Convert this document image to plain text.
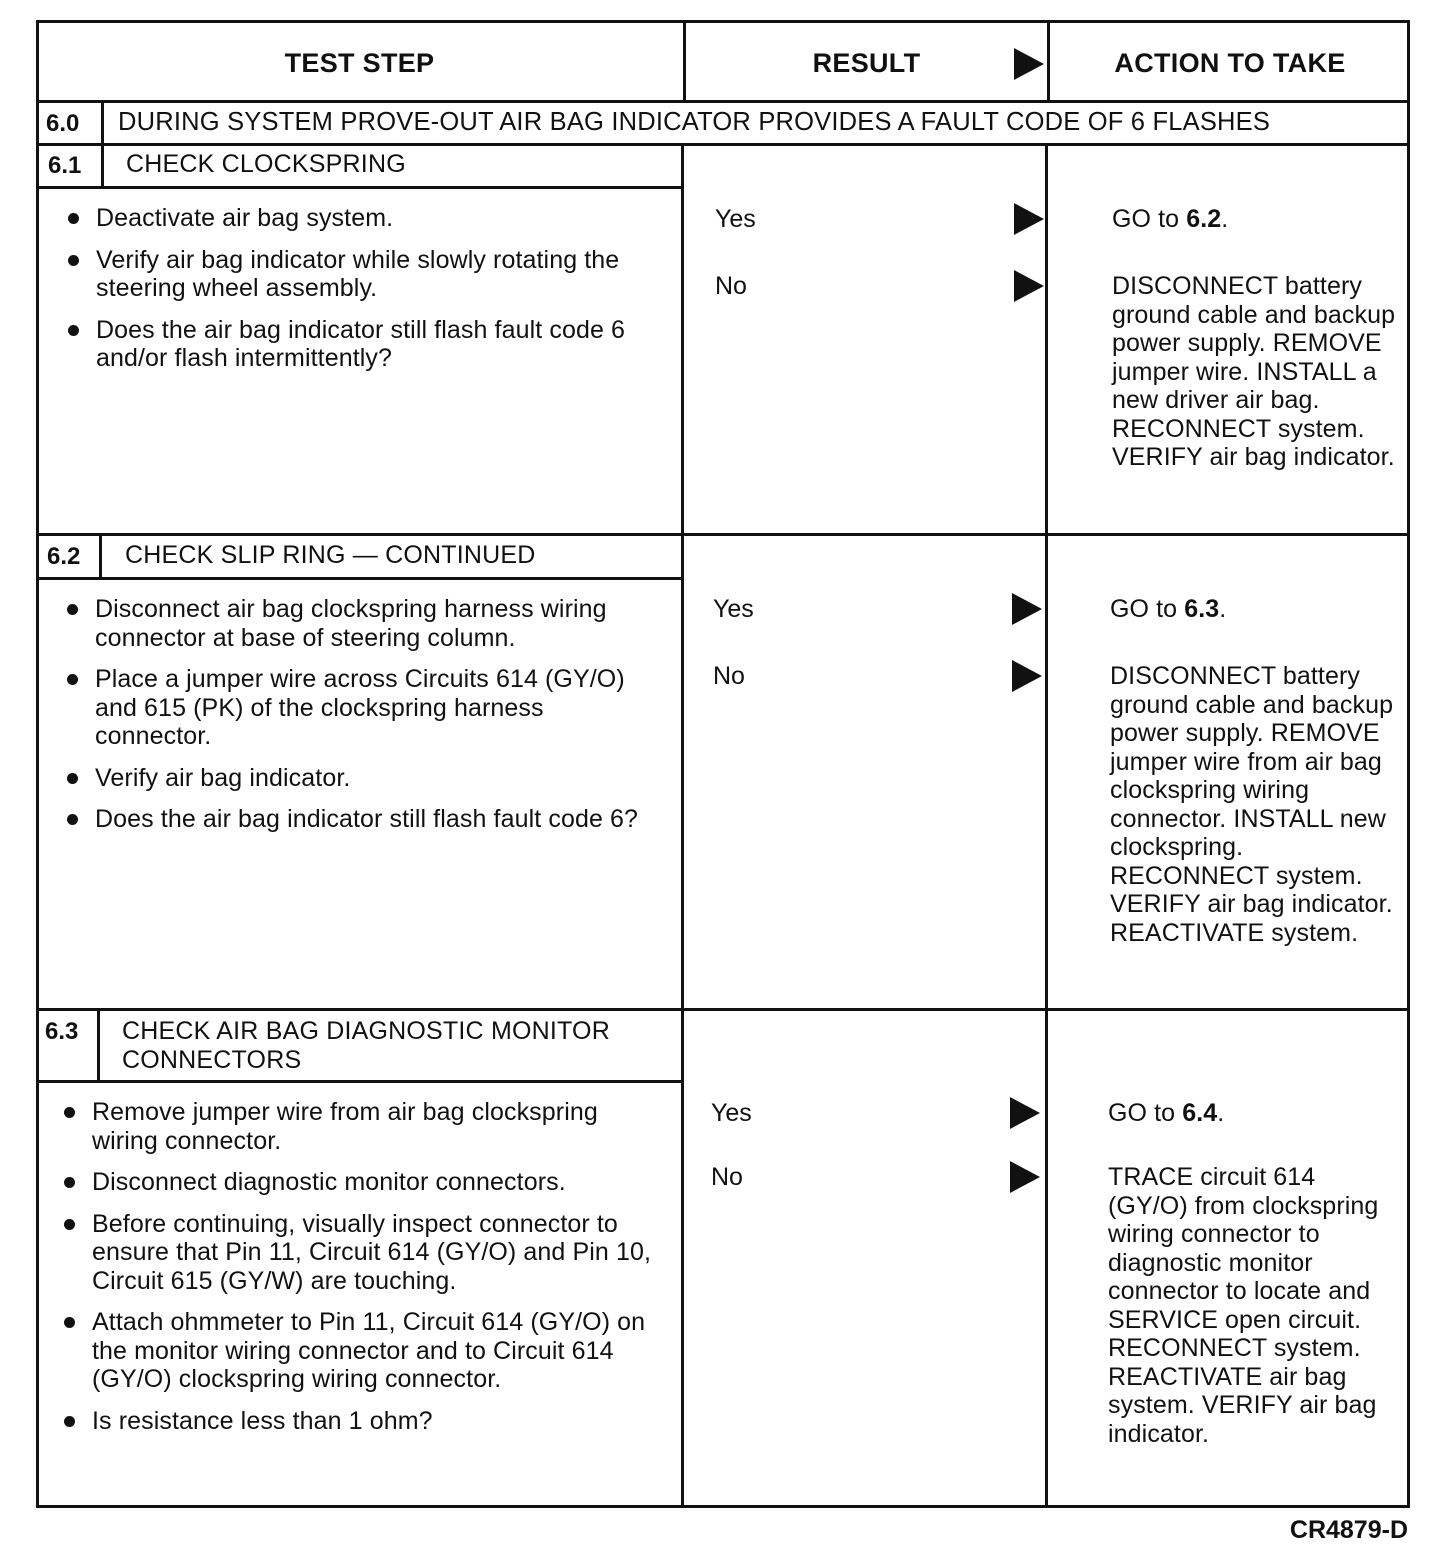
TEST STEP	RESULT	ACTION TO TAKE
6.0 DURING SYSTEM PROVE-OUT AIR BAG INDICATOR PROVIDES A FAULT CODE OF 6 FLASHES
6.1 CHECK CLOCKSPRING
Deactivate air bag system.
Verify air bag indicator while slowly rotating the steering wheel assembly.
Does the air bag indicator still flash fault code 6 and/or flash intermittently?
Yes
No
GO to 6.2.
DISCONNECT battery ground cable and backup power supply. REMOVE jumper wire. INSTALL a new driver air bag. RECONNECT system. VERIFY air bag indicator.
6.2 CHECK SLIP RING — CONTINUED
Disconnect air bag clockspring harness wiring connector at base of steering column.
Place a jumper wire across Circuits 614 (GY/O) and 615 (PK) of the clockspring harness connector.
Verify air bag indicator.
Does the air bag indicator still flash fault code 6?
Yes
No
GO to 6.3.
DISCONNECT battery ground cable and backup power supply. REMOVE jumper wire from air bag clockspring wiring connector. INSTALL new clockspring. RECONNECT system. VERIFY air bag indicator. REACTIVATE system.
6.3 CHECK AIR BAG DIAGNOSTIC MONITOR CONNECTORS
Remove jumper wire from air bag clockspring wiring connector.
Disconnect diagnostic monitor connectors.
Before continuing, visually inspect connector to ensure that Pin 11, Circuit 614 (GY/O) and Pin 10, Circuit 615 (GY/W) are touching.
Attach ohmmeter to Pin 11, Circuit 614 (GY/O) on the monitor wiring connector and to Circuit 614 (GY/O) clockspring wiring connector.
Is resistance less than 1 ohm?
Yes
No
GO to 6.4.
TRACE circuit 614 (GY/O) from clockspring wiring connector to diagnostic monitor connector to locate and SERVICE open circuit. RECONNECT system. REACTIVATE air bag system. VERIFY air bag indicator.
CR4879-D
